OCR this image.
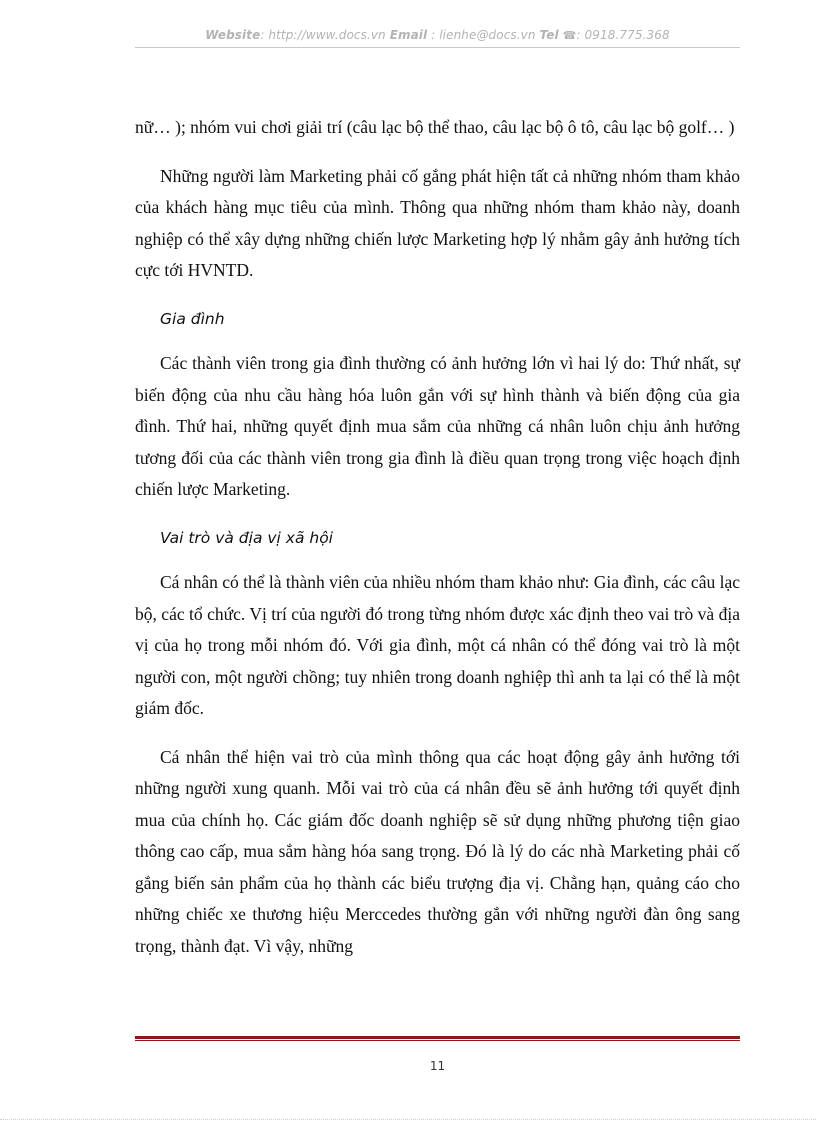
Website: http://www.docs.vn Email : lienhe@docs.vn Tel ☎: 0918.775.368

nữ… ); nhóm vui chơi giải trí (câu lạc bộ thể thao, câu lạc bộ ô tô, câu lạc bộ golf… )

Những người làm Marketing phải cố gắng phát hiện tất cả những nhóm tham khảo của khách hàng mục tiêu của mình. Thông qua những nhóm tham khảo này, doanh nghiệp có thể xây dựng những chiến lược Marketing hợp lý nhằm gây ảnh hưởng tích cực tới HVNTD.

Gia đình

Các thành viên trong gia đình thường có ảnh hưởng lớn vì hai lý do: Thứ nhất, sự biến động của nhu cầu hàng hóa luôn gắn với sự hình thành và biến động của gia đình. Thứ hai, những quyết định mua sắm của những cá nhân luôn chịu ảnh hưởng tương đối của các thành viên trong gia đình là điều quan trọng trong việc hoạch định chiến lược Marketing.

Vai trò và địa vị xã hội

Cá nhân có thể là thành viên của nhiều nhóm tham khảo như: Gia đình, các câu lạc bộ, các tổ chức. Vị trí của người đó trong từng nhóm được xác định theo vai trò và địa vị của họ trong mỗi nhóm đó. Với gia đình, một cá nhân có thể đóng vai trò là một người con, một người chồng; tuy nhiên trong doanh nghiệp thì anh ta lại có thể là một giám đốc.

Cá nhân thể hiện vai trò của mình thông qua các hoạt động gây ảnh hưởng tới những người xung quanh. Mỗi vai trò của cá nhân đều sẽ ảnh hưởng tới quyết định mua của chính họ. Các giám đốc doanh nghiệp sẽ sử dụng những phương tiện giao thông cao cấp, mua sắm hàng hóa sang trọng. Đó là lý do các nhà Marketing phải cố gắng biến sản phẩm của họ thành các biểu trượng địa vị. Chẳng hạn, quảng cáo cho những chiếc xe thương hiệu Merccedes thường gắn với những người đàn ông sang trọng, thành đạt. Vì vậy, những

11
